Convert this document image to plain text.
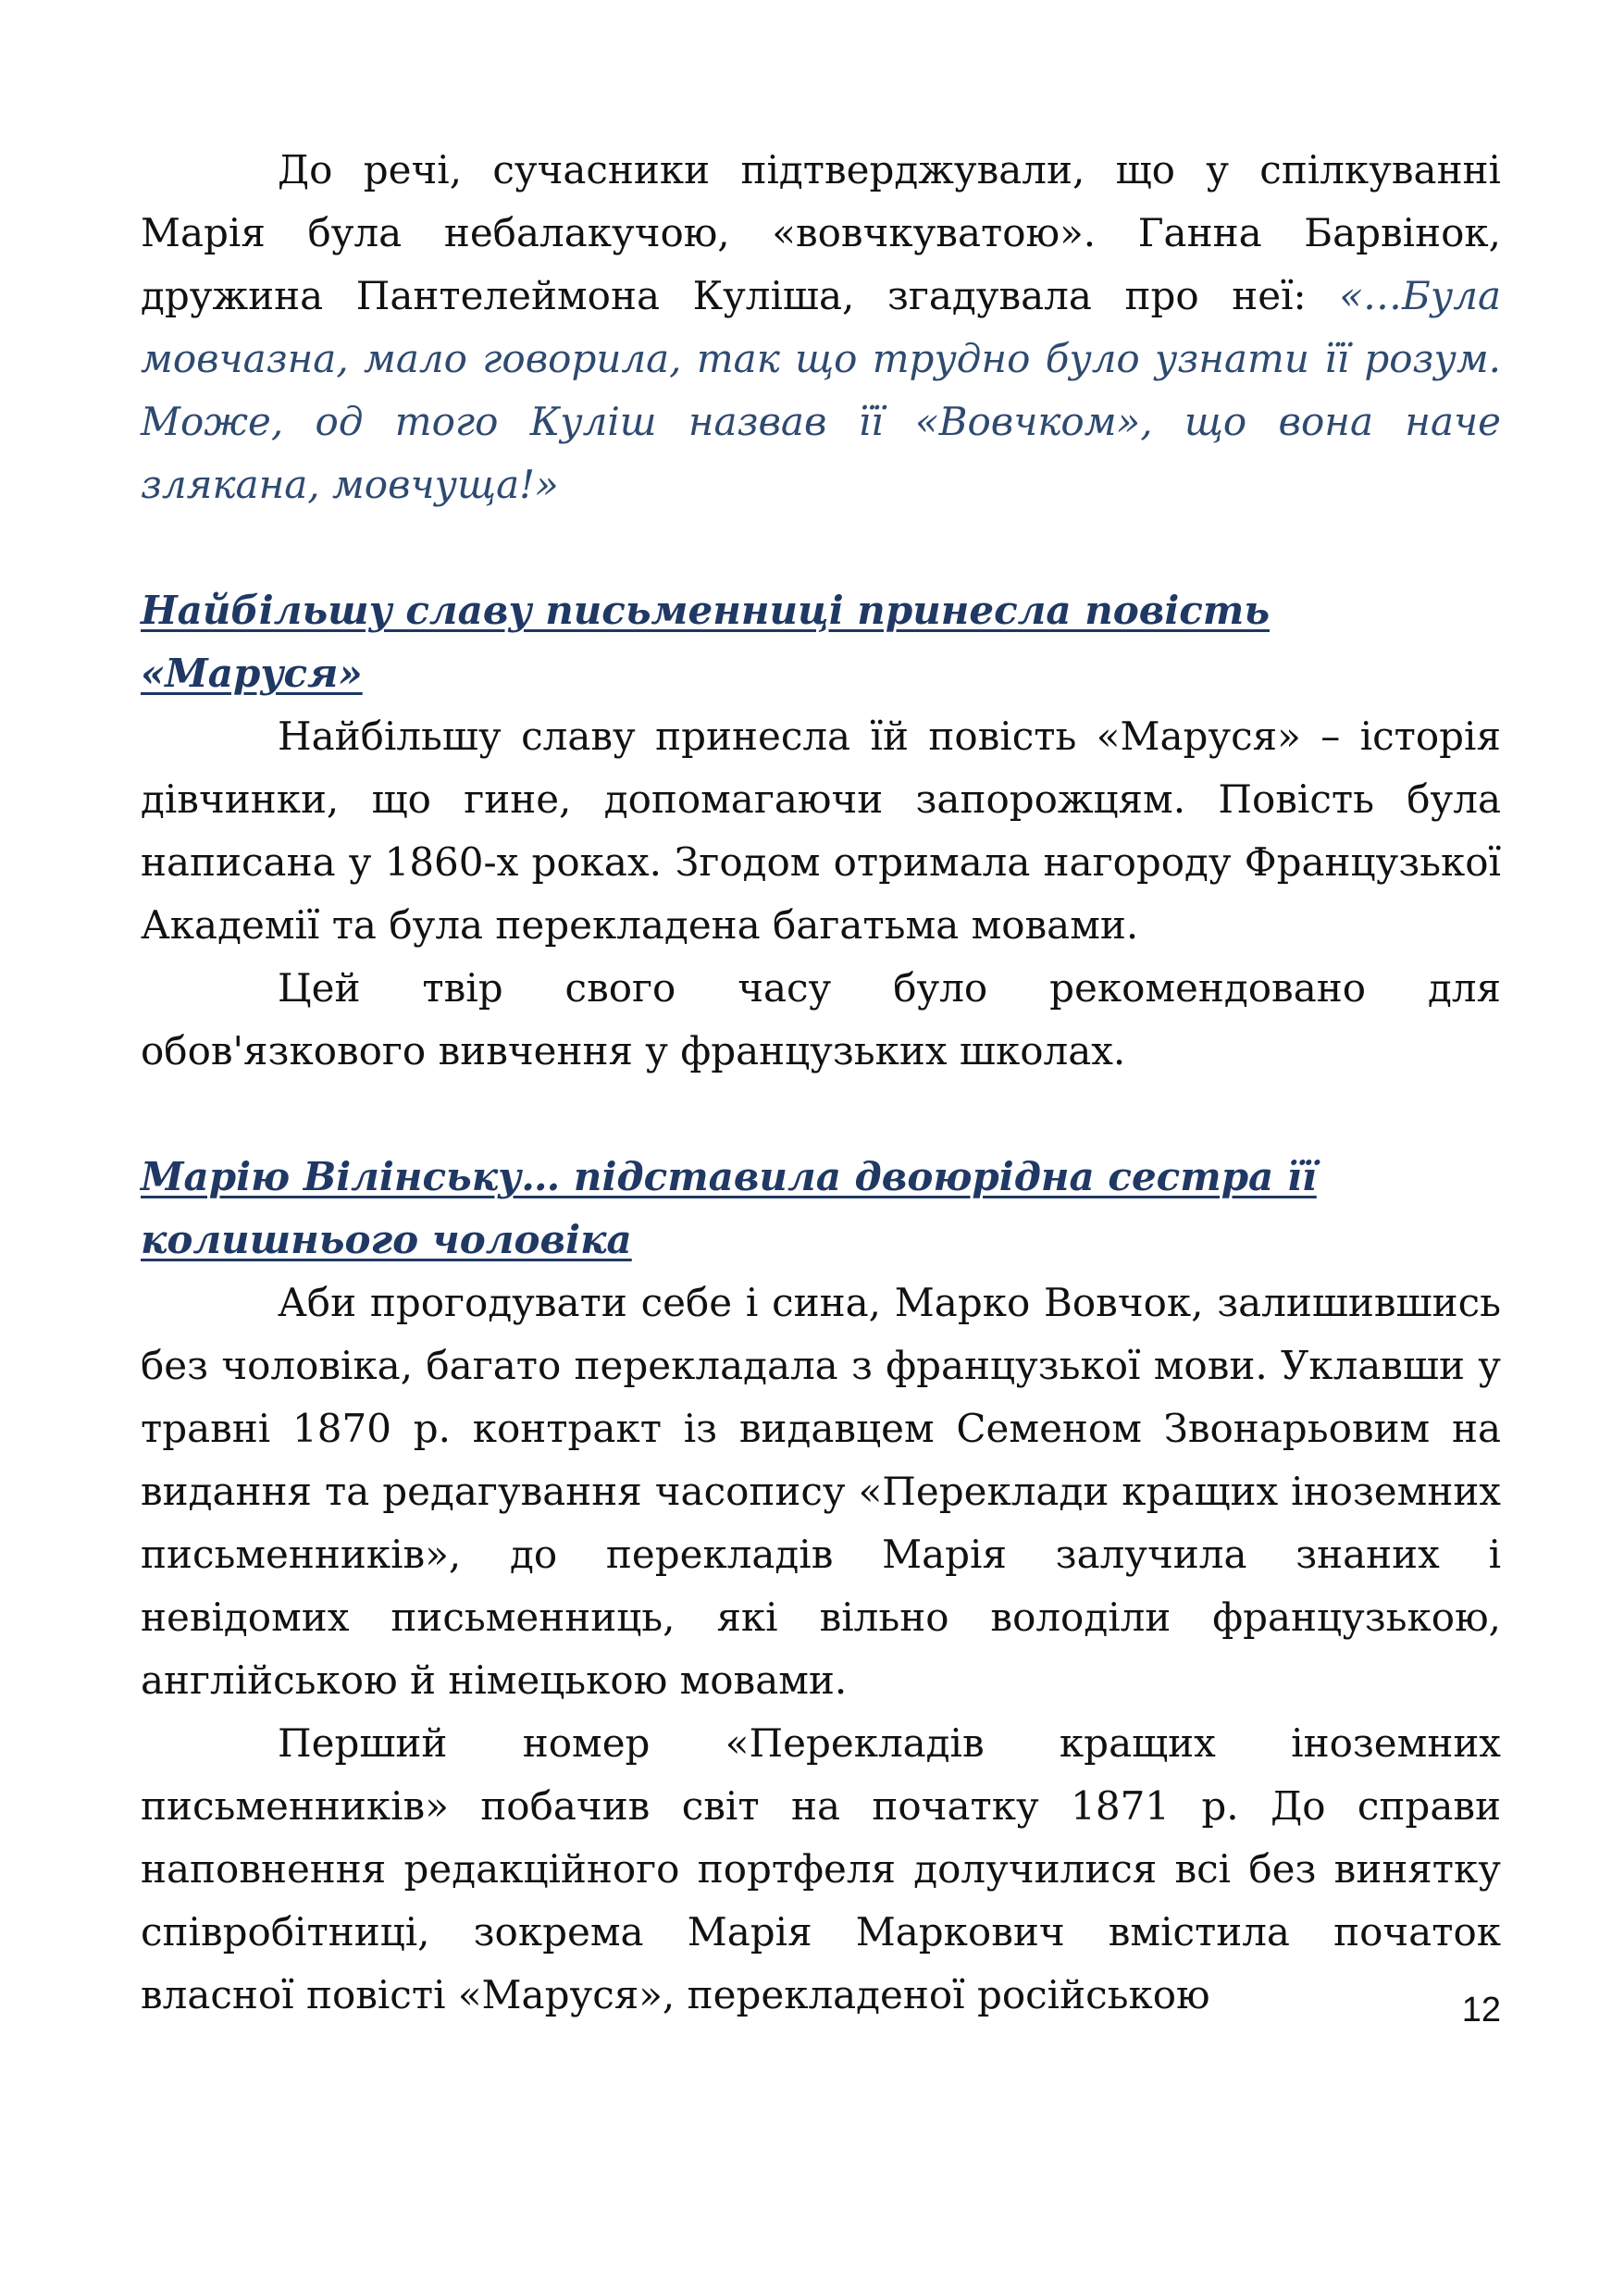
До речі, сучасники підтверджували, що у спілкуванні Марія була небалакучою, «вовчкуватою». Ганна Барвінок, дружина Пантелеймона Куліша, згадувала про неї: «…Була мовчазна, мало говорила, так що трудно було узнати її розум. Може, од того Куліш назвав її «Вовчком», що вона наче злякана, мовчуща!»

Найбільшу славу письменниці принесла повість «Маруся»

Найбільшу славу принесла їй повість «Маруся» – історія дівчинки, що гине, допомагаючи запорожцям. Повість була написана у 1860-х роках. Згодом отримала нагороду Французької Академії та була перекладена багатьма мовами.

Цей твір свого часу було рекомендовано для обов'язкового вивчення у французьких школах.

Марію Вілінську… підставила двоюрідна сестра її
колишнього чоловіка

Аби прогодувати себе і сина, Марко Вовчок, залишившись без чоловіка, багато перекладала з французької мови. Уклавши у травні 1870 р. контракт із видавцем Семеном Звонарьовим на видання та редагування часопису «Переклади кращих іноземних письменників», до перекладів Марія залучила знаних і невідомих письменниць, які вільно володіли французькою, англійською й німецькою мовами.

Перший номер «Перекладів кращих іноземних письменників» побачив світ на початку 1871 р. До справи наповнення редакційного портфеля долучилися всі без винятку співробітниці, зокрема Марія Маркович вмістила початок власної повісті «Маруся», перекладеної російською	12
